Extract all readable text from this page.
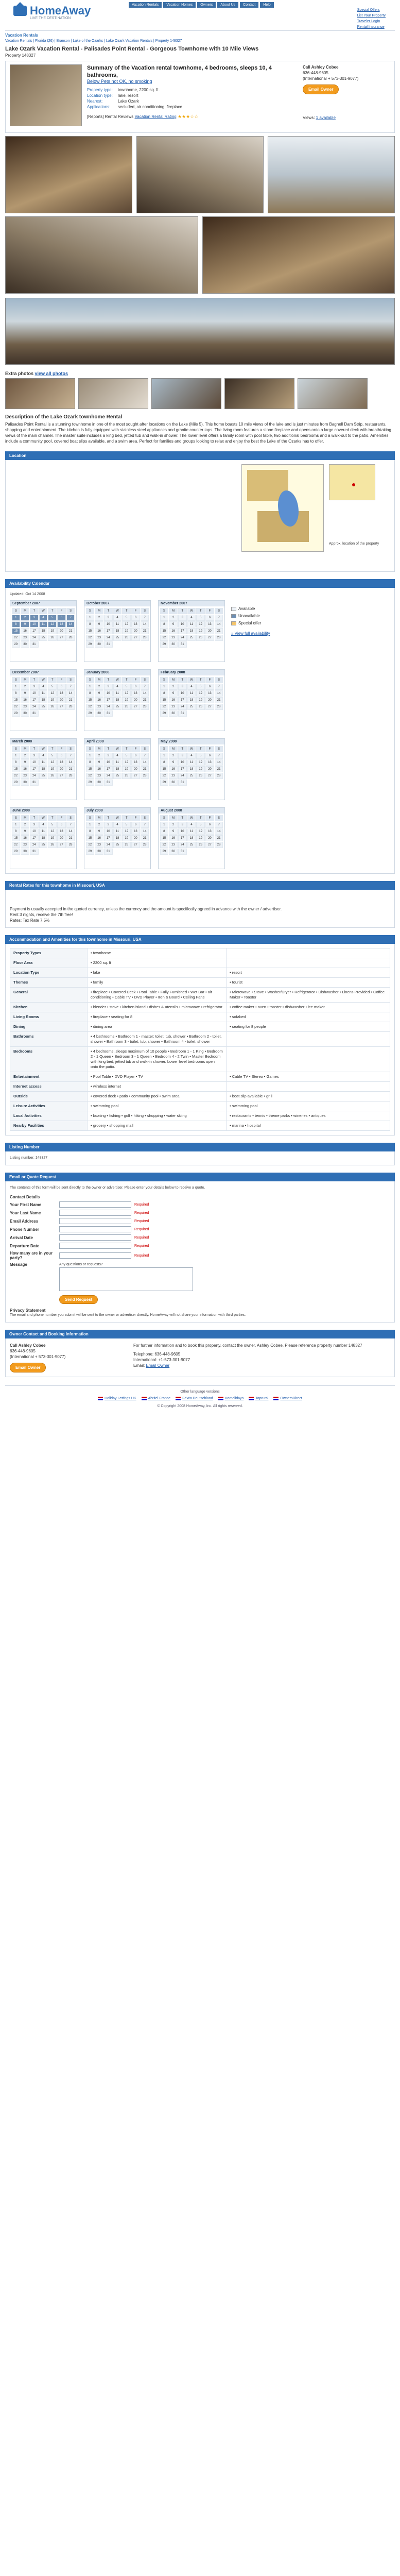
HomeAway
LIVE THE DESTINATION
Vacation Rentals	Vacation Homes	Owners	About Us	Contact	Help
Special Offers
List Your Property
Traveler Login
Rental Insurance
Vacation Rentals
Vacation Rentals | Florida (26) | Branson | Lake of the Ozarks | Lake Ozark Vacation Rentals | Property 148327
Lake Ozark Vacation Rental - Palisades Point Rental - Gorgeous Townhome with 10 Mile Views
Property 148327
Summary of the Vacation rental townhome, 4 bedrooms, sleeps 10, 4 bathrooms,
Below Pets not OK, no smoking
Property type:	townhome, 2200 sq. ft.
Location type:	lake, resort
Nearest:	Lake Ozark
Applications:	secluded, air conditioning, fireplace
[Reports] Rental Reviews Vacation Rental Rating ★★★☆☆
Call Ashley Cobee
636-448-9605
(International + 573-301-9077)
Email Owner
Views: 1 available
Extra photos view all photos
Description of the Lake Ozark townhome Rental
Palisades Point Rental is a stunning townhome in one of the most sought after locations on the Lake (Mile 5). This home boasts 10 mile views of the lake and is just minutes from Bagnell Dam Strip, restaurants, shopping and entertainment. The kitchen is fully equipped with stainless steel appliances and granite counter tops. The living room features a stone fireplace and opens onto a large covered deck with breathtaking views of the main channel. The master suite includes a king bed, jetted tub and walk-in shower. The lower level offers a family room with pool table, two additional bedrooms and a walk-out to the patio. Amenities include a community pool, covered boat slips available, and a swim area. Perfect for families and groups looking to relax and enjoy the best the Lake of the Ozarks has to offer.
Location
Approx. location of the property
Availability Calendar
Updated: Oct 14 2008
September 2007
S	M	T	W	T	F	S
1	2	3	4	5	6	7
8	9	10	11	12	13	14
15	16	17	18	19	20	21
22	23	24	25	26	27	28
29	30	31
October 2007
S	M	T	W	T	F	S
1	2	3	4	5	6	7
8	9	10	11	12	13	14
15	16	17	18	19	20	21
22	23	24	25	26	27	28
29	30	31
November 2007
S	M	T	W	T	F	S
1	2	3	4	5	6	7
8	9	10	11	12	13	14
15	16	17	18	19	20	21
22	23	24	25	26	27	28
29	30	31
December 2007
S	M	T	W	T	F	S
1	2	3	4	5	6	7
8	9	10	11	12	13	14
15	16	17	18	19	20	21
22	23	24	25	26	27	28
29	30	31
January 2008
S	M	T	W	T	F	S
1	2	3	4	5	6	7
8	9	10	11	12	13	14
15	16	17	18	19	20	21
22	23	24	25	26	27	28
29	30	31
February 2008
S	M	T	W	T	F	S
1	2	3	4	5	6	7
8	9	10	11	12	13	14
15	16	17	18	19	20	21
22	23	24	25	26	27	28
29	30	31
March 2008
S	M	T	W	T	F	S
1	2	3	4	5	6	7
8	9	10	11	12	13	14
15	16	17	18	19	20	21
22	23	24	25	26	27	28
29	30	31
April 2008
S	M	T	W	T	F	S
1	2	3	4	5	6	7
8	9	10	11	12	13	14
15	16	17	18	19	20	21
22	23	24	25	26	27	28
29	30	31
May 2008
S	M	T	W	T	F	S
1	2	3	4	5	6	7
8	9	10	11	12	13	14
15	16	17	18	19	20	21
22	23	24	25	26	27	28
29	30	31
June 2008
S	M	T	W	T	F	S
1	2	3	4	5	6	7
8	9	10	11	12	13	14
15	16	17	18	19	20	21
22	23	24	25	26	27	28
29	30	31
July 2008
S	M	T	W	T	F	S
1	2	3	4	5	6	7
8	9	10	11	12	13	14
15	16	17	18	19	20	21
22	23	24	25	26	27	28
29	30	31
August 2008
S	M	T	W	T	F	S
1	2	3	4	5	6	7
8	9	10	11	12	13	14
15	16	17	18	19	20	21
22	23	24	25	26	27	28
29	30	31
Available
Unavailable
Special offer
» View full availability
Rental Rates for this townhome in Missouri, USA
Payment is usually accepted in the quoted currency, unless the currency and the amount is specifically agreed in advance with the owner / advertiser.
Rent 3 nights, receive the 7th free!
Rates: Tax Rate 7.5%
Accommodation and Amenities for this townhome in Missouri, USA
Property Types	• townhome	
Floor Area	• 2200 sq. ft	
Location Type	• lake	• resort
Themes	• family	• tourist
General	• fireplace • Covered Deck • Pool Table • Fully Furnished • Wet Bar • air conditioning • Cable TV • DVD Player • Iron & Board • Ceiling Fans	• Microwave • Stove • Washer/Dryer • Refrigerator • Dishwasher • Linens Provided • Coffee Maker • Toaster
Kitchen	• blender • stove • kitchen island • dishes & utensils • microwave • refrigerator	• coffee maker • oven • toaster • dishwasher • ice maker
Living Rooms	• fireplace • seating for 8	• sofabed
Dining	• dining area	• seating for 8 people
Bathrooms	• 4 bathrooms • Bathroom 1 - master: toilet, tub, shower • Bathroom 2 - toilet, shower • Bathroom 3 - toilet, tub, shower • Bathroom 4 - toilet, shower	
Bedrooms	• 4 bedrooms, sleeps maximum of 10 people • Bedroom 1 - 1 King • Bedroom 2 - 1 Queen • Bedroom 3 - 1 Queen • Bedroom 4 - 2 Twin • Master Bedroom with king bed, jetted tub and walk-in shower. Lower level bedrooms open onto the patio.	
Entertainment	• Pool Table • DVD Player • TV	• Cable TV • Stereo • Games
Internet access	• wireless internet	
Outside	• covered deck • patio • community pool • swim area	• boat slip available • grill
Leisure Activities	• swimming pool	• swimming pool
Local Activities	• boating • fishing • golf • hiking • shopping • water skiing	• restaurants • tennis • theme parks • wineries • antiques
Nearby Facilities	• grocery • shopping mall	• marina • hospital
Listing Number
Listing number: 148327
Email or Quote Request
The contents of this form will be sent directly to the owner or advertiser. Please enter your details below to receive a quote.
Contact Details
Your First Name	Required
Your Last Name	Required
Email Address	Required
Phone Number	Required
Arrival Date	Required
Departure Date	Required
How many are in your party?	Required
Message	Any questions or requests?
Send Request
Privacy Statement
The email and phone number you submit will be sent to the owner or advertiser directly. HomeAway will not share your information with third parties.
Owner Contact and Booking Information
Call Ashley Cobee
636-448-9605
(International + 573-301-9077)
Email Owner
For further information and to book this property, contact the owner, Ashley Cobee. Please reference property number 148327
Telephone: 636-448-9605
International: +1-573-301-9077
Email: Email Owner
Other language versions
Holiday Lettings UK	Abritel France	FeWo Deutschland	Homelidays	Toprural	OwnersDirect
© Copyright 2008 HomeAway, Inc. All rights reserved.
